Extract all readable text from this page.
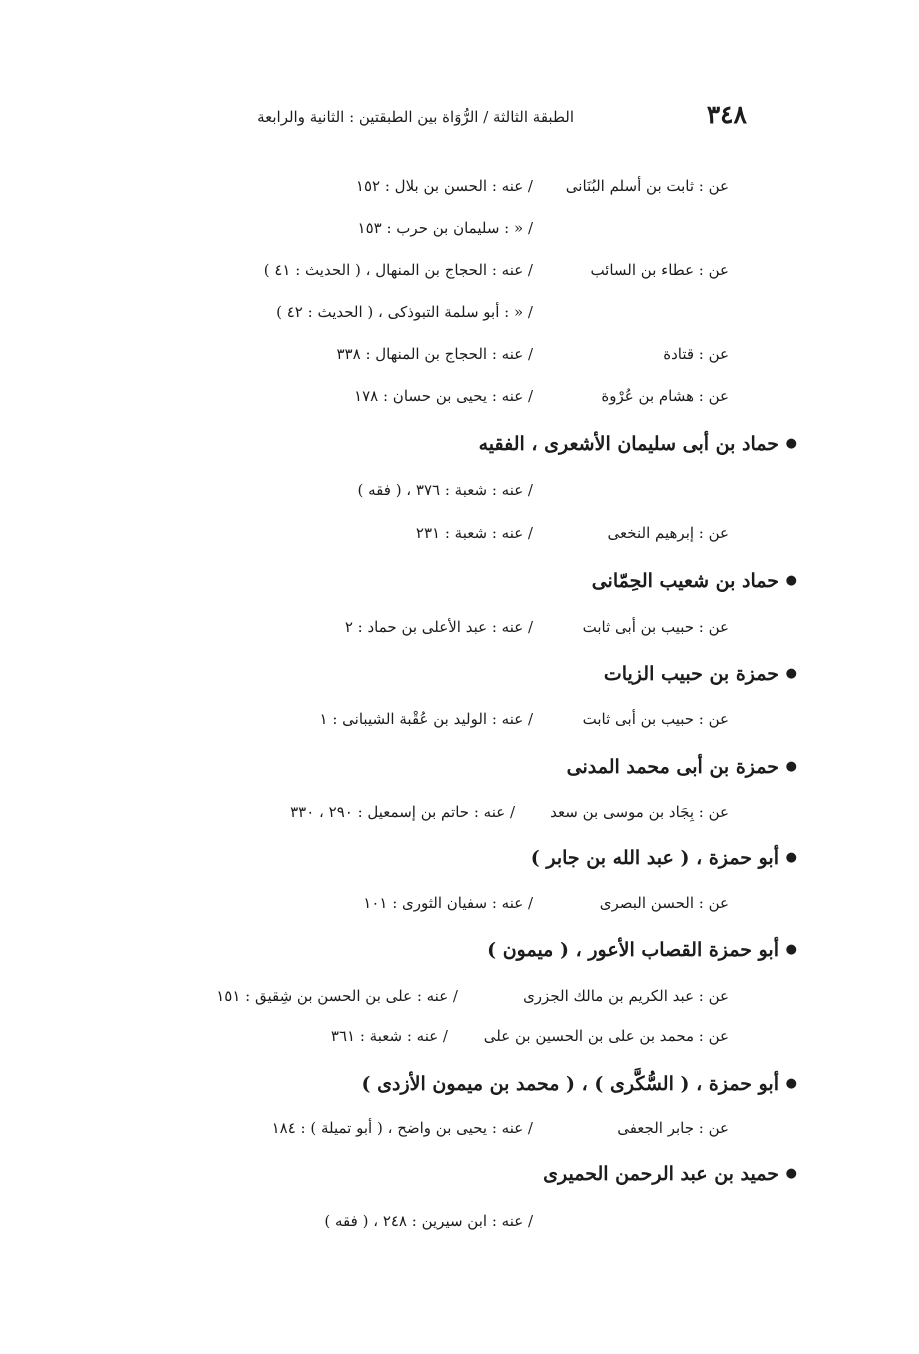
٣٤٨
الطبقة الثالثة / الرُّوَاة بين الطبقتين : الثانية والرابعة
عن : ثابت بن أسلم البُنَانى
/ عنه : الحسن بن بلال : ١٥٢
/ « : سليمان بن حرب : ١٥٣
عن : عطاء بن السائب
/ عنه : الحجاج بن المنهال ، ( الحديث : ٤١ )
/ « : أبو سلمة التبوذكى ، ( الحديث : ٤٢ )
عن : قتادة
/ عنه : الحجاج بن المنهال : ٣٣٨
عن : هشام بن عُرْوة
/ عنه : يحيى بن حسان : ١٧٨
●
حماد بن أبى سليمان الأشعرى ، الفقيه
/ عنه : شعبة : ٣٧٦ ، ( فقه )
عن : إبرهيم النخعى
/ عنه : شعبة : ٢٣١
●
حماد بن شعيب الحِمّانى
عن : حبيب بن أبى ثابت
/ عنه : عبد الأعلى بن حماد : ٢
●
حمزة بن حبيب الزيات
عن : حبيب بن أبى ثابت
/ عنه : الوليد بن عُقْبة الشيبانى : ١
●
حمزة بن أبى محمد المدنى
عن : بِجَاد بن موسى بن سعد
/ عنه : حاتم بن إسمعيل : ٢٩٠ ، ٣٣٠
●
أبو حمزة ، ( عبد الله بن جابر )
عن : الحسن البصرى
/ عنه : سفيان الثورى : ١٠١
●
أبو حمزة القصاب الأعور ، ( ميمون )
عن : عبد الكريم بن مالك الجزرى
/ عنه : على بن الحسن بن شِقيق : ١٥١
عن : محمد بن على بن الحسين بن على
/ عنه : شعبة : ٣٦١
●
أبو حمزة ، ( السُّكَّرى ) ، ( محمد بن ميمون الأزدى )
عن : جابر الجعفى
/ عنه : يحيى بن واضح ، ( أبو تميلة ) : ١٨٤
●
حميد بن عبد الرحمن الحميرى
/ عنه : ابن سيرين : ٢٤٨ ، ( فقه )
